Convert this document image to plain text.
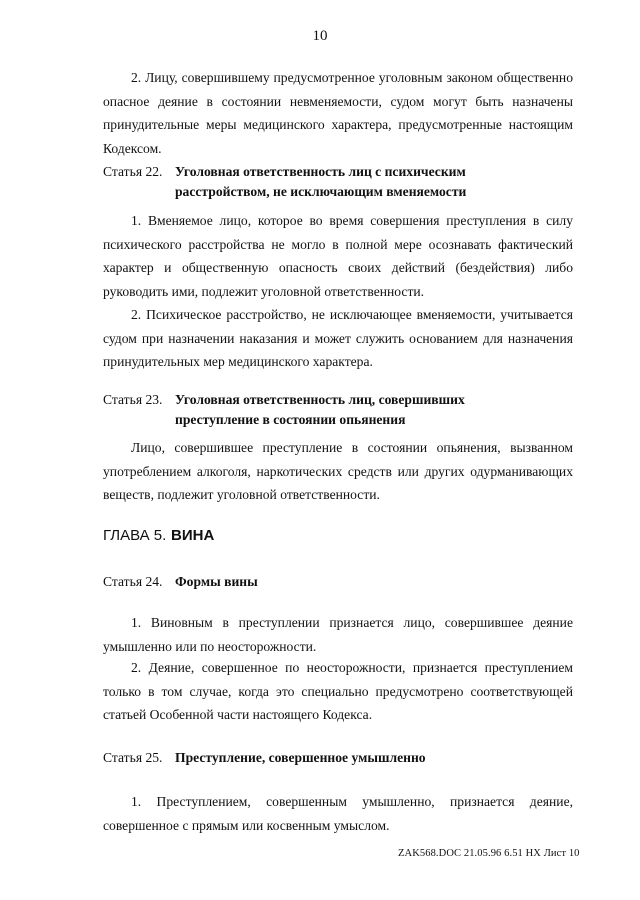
10

2. Лицу, совершившему предусмотренное уголовным законом общественно опасное деяние в состоянии невменяемости, судом могут быть назначены принудительные меры медицинского характера, предусмотренные настоящим Кодексом.

Статья 22. Уголовная ответственность лиц с психическим
расстройством, не исключающим вменяемости

1. Вменяемое лицо, которое во время совершения преступления в силу психического расстройства не могло в полной мере осознавать фактический характер и общественную опасность своих действий (бездействия) либо руководить ими, подлежит уголовной ответственности.

2. Психическое расстройство, не исключающее вменяемости, учитывается судом при назначении наказания и может служить основанием для назначения принудительных мер медицинского характера.

Статья 23. Уголовная ответственность лиц, совершивших
преступление в состоянии опьянения

Лицо, совершившее преступление в состоянии опьянения, вызванном употреблением алкоголя, наркотических средств или других одурманивающих веществ, подлежит уголовной ответственности.

ГЛАВА 5. ВИНА
Статья 24. Формы вины

1. Виновным в преступлении признается лицо, совершившее деяние умышленно или по неосторожности.

2. Деяние, совершенное по неосторожности, признается преступлением только в том случае, когда это специально предусмотрено соответствующей статьей Особенной части настоящего Кодекса.

Статья 25. Преступление, совершенное умышленно

1. Преступлением, совершенным умышленно, признается деяние, совершенное с прямым или косвенным умыслом.

ZAK568.DOC 21.05.96 6.51 НХ Лист 10
